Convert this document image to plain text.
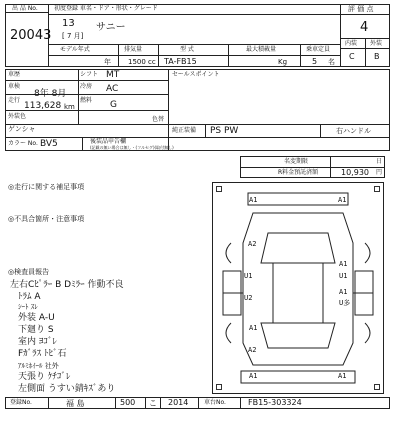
出 品 No.
20043
初度登録 車名・ドア・形状・グレード
13
[ 7 月]
サニー
評 価 点
4
内装 外装
C B
モデル年式	排気量	型 式	最大積載量	乗車定員
年 1500 cc TA-FB15	Kg	5 名
車歴	シフト MT	セールスポイント
車検
8年 8月
冷房 AC
走行
113,628 km
燃料 G
外装色
ゲンシャ
色替
カラー No. BV5
純正装備 PS PW	右ハンドル
後装品申告欄
(記載の無い場合は無し・(フルセグ)(取付無し)
名変期限	日
R料金預託済額	10,930 円
◎走行に関する補足事項
◎不具合箇所・注意事項
◎検査員報告
左右Cﾋﾟﾗｰ B Dﾐﾗｰ 作動不良
ﾄﾗﾑ A
ｼｰﾄ ｽﾚ
外装 A-U
下廻り S
室内 ﾖｺﾞﾚ
Fｶﾞﾗｽ ﾄﾋﾞ石
ｱﾙﾐﾎｲｰﾙ 社外
天張り ｹﾁｺﾞﾚ
左側面 うすい錆ｷｽﾞあり
A1	A1
A2
U1	U1
A1
U2
A1
U多
A1
A2
A1	A1
登録No.	福 島	500 こ 2014	車台No.	FB15-303324
